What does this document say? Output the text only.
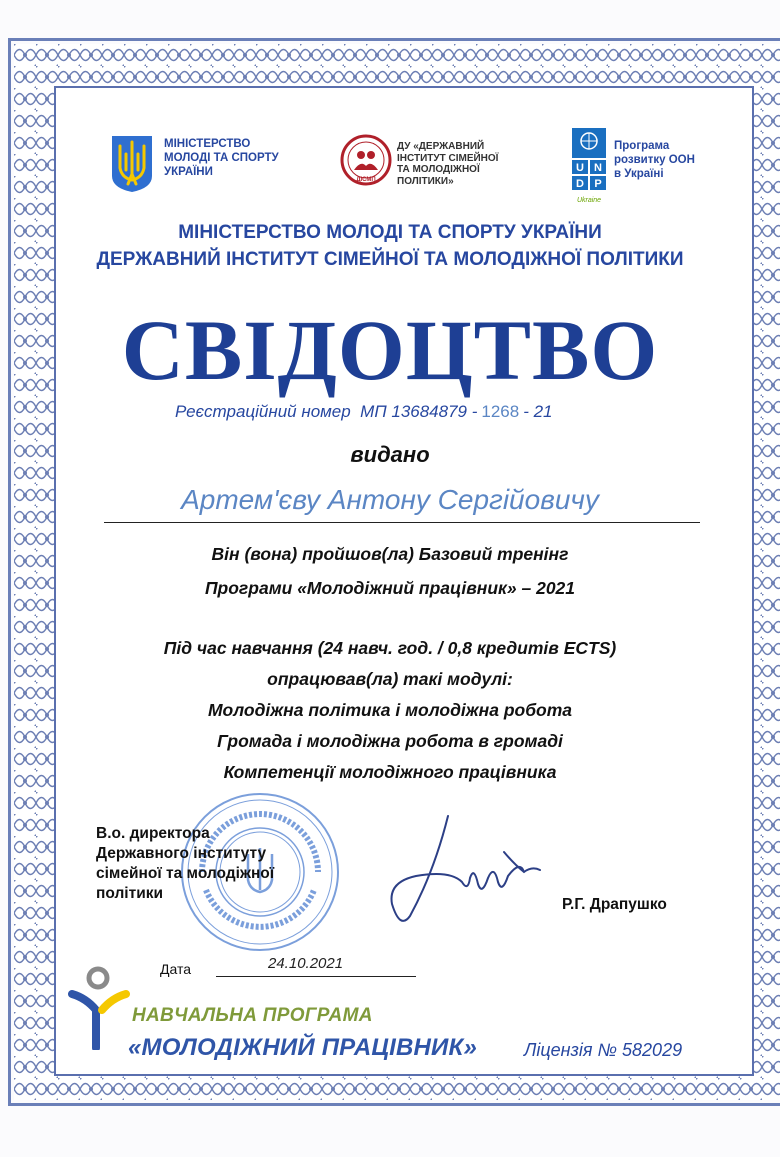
МІНІСТЕРСТВО
МОЛОДІ ТА СПОРТУ
УКРАЇНИ
ДІСМП
ДУ «ДЕРЖАВНИЙ
ІНСТИТУТ СІМЕЙНОЇ
ТА МОЛОДІЖНОЇ
ПОЛІТИКИ»
U N
D P
Ukraine
Програма
розвитку ООН
в Україні
МІНІСТЕРСТВО МОЛОДІ ТА СПОРТУ УКРАЇНИ
ДЕРЖАВНИЙ ІНСТИТУТ СІМЕЙНОЇ ТА МОЛОДІЖНОЇ ПОЛІТИКИ
СВІДОЦТВО
Реєстраційний номер  МП 13684879 - 1268 - 21
видано
Артем'єву Антону Сергійовичу
Він (вона) пройшов(ла) Базовий тренінг
Програми «Молодіжний працівник» – 2021
Під час навчання (24 навч. год. / 0,8 кредитів ECTS)
опрацював(ла) такі модулі:
Молодіжна політика і молодіжна робота
Громада і молодіжна робота в громаді
Компетенції молодіжного працівника
В.о. директора
Державного інституту
сімейної та молодіжної
політики
Р.Г. Драпушко
Дата	24.10.2021
НАВЧАЛЬНА ПРОГРАМА
«МОЛОДІЖНИЙ ПРАЦІВНИК»	Ліцензія № 582029
